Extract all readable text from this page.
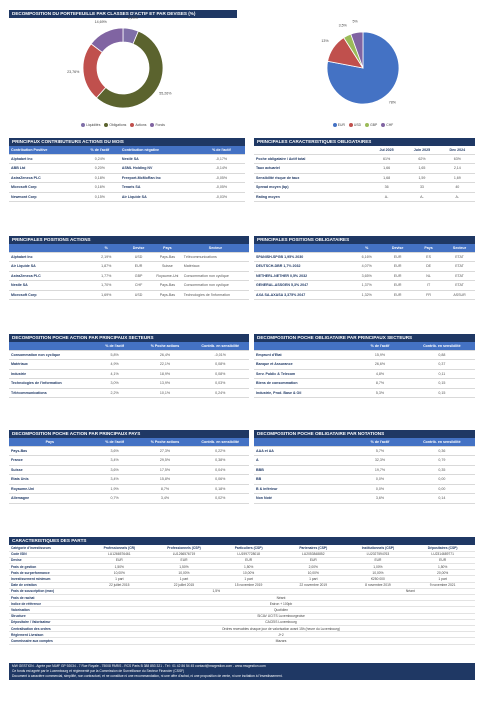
DECOMPOSITION DU PORTEFEUILLE PAR CLASSES D'ACTIF ET PAR DEVISES (%)
6,29%
55,26%
23,76%
14,69%
Liquidités	Obligations	Actions	Fonds
78%
13%
3,5%
5%
EUR	USD	GBP	CHF
PRINCIPAUX CONTRIBUTEURS ACTIONS DU MOIS
Contribution Positive	% de l'actif	Contribution négative	% de l'actif
Alphabet Inc	0,24%	Nestlé SA	-0,17%
ABB Ltd	0,20%	ASML Holding NV	-0,14%
AstraZeneca PLC	0,18%	Freeport-McMoRan Inc	-0,05%
Microsoft Corp	0,16%	Tenaris SA	-0,05%
Newmont Corp	0,15%	Air Liquide SA	-0,03%
PRINCIPALES CARACTERISTIQUES OBLIGATAIRES
	Jul 2025	Juin 2025	Dec 2024
Poche obligataire / Actif total	61%	62%	63%
Taux actuariel	1,66	1,65	2,14
Sensibilité risque de taux	1,68	1,59	1,69
Spread moyen (bp)	36	33	40
Rating moyen	A-	A-	A-
PRINCIPALES POSITIONS ACTIONS
	%	Devise	Pays	Secteur
Alphabet Inc	2,19%	USD	Pays-Bas	Télécommunications
Air Liquide SA	1,87%	EUR	Suisse	Matériaux
AstraZeneca PLC	1,77%	GBP	Royaume-Uni	Consommation non cyclique
Nestle SA	1,70%	CHF	Pays-Bas	Consommation non cyclique
Microsoft Corp	1,69%	USD	Pays-Bas	Technologies de l'information
PRINCIPALES POSITIONS OBLIGATAIRES
	%	Devise	Pays	Secteur
SPANISH-SPGB 1,95% 2030	6,16%	EUR	ES	ETAT
DEUTSCH-DBR 1,7% 2032	4,07%	EUR	DE	ETAT
NETHERL-NETHER 0,5% 2032	3,65%	EUR	NL	ETAT
GENERAL-ASSGEN 5,3% 2047	1,37%	EUR	IT	ETAT
AXA SA-AXASA 3,375% 2047	1,32%	EUR	FR	ASSUR
DECOMPOSITION POCHE ACTION PAR PRINCIPAUX SECTEURS
	% de l'actif	% Poche actions	Contrib. en sensibilité
Consommation non cyclique	5,8%	26,4%	-0,01%
Matériaux	4,9%	22,1%	0,08%
Industrie	4,1%	18,9%	0,08%
Technologies de l'information	3,0%	13,9%	0,03%
Télécommunications	2,2%	10,1%	0,24%
DECOMPOSITION POCHE OBLIGATAIRE PAR PRINCIPAUX SECTEURS
	% de l'actif	Contrib. en sensibilité
Emprunt d'Etat	15,9%	0,88
Banque et Assurance	26,6%	0,37
Serv. Public & Telecom	4,8%	0,11
Biens de consommation	8,7%	0,15
Industrie, Prod. Base & Oil	5,3%	0,15
DECOMPOSITION POCHE ACTION PAR PRINCIPAUX PAYS
Pays	% de l'actif	% Poche actions	Contrib. en sensibilité
Pays-Bas	3,6%	27,3%	0,22%
France	3,4%	29,5%	0,38%
Suisse	3,6%	17,5%	0,04%
Etats Unis	3,4%	15,8%	0,06%
Royaume-Uni	1,9%	8,7%	0,18%
Allemagne	0,7%	3,4%	0,02%
DECOMPOSITION POCHE OBLIGATAIRE PAR NOTATIONS
	% de l'actif	Contrib. en sensibilité
AAA et AA	5,7%	0,36
A	32,3%	0,79
BBB	19,7%	0,35
BB	0,0%	0,00
B & inférieur	0,0%	0,00
Non Noté	3,6%	0,14
CARACTERISTIQUES DES PARTS
Catégorie d'investisseurs	Professionnels (CR)	Professionnels (CSP)	Particuliers (CSP)	Partenaires (CSP)	Institutionnels (CSP)	Dépositaires (CSP)
Code ISIN	LU1266576461	LU1266576719	LU1997728018	LU2053848852	LU2027594763	LU2314689771
Devise	EUR	EUR	EUR	EUR	EUR	EUR
Frais de gestion	1,50%	1,50%	1,50%	2,00%	1,00%	1,50%
Frais de surperformance	10,00%	10,00%	10,00%	10,00%	10,00%	20,00%
Investissement minimum	1 part	1 part	1 part	1 part	€250 000	1 part
Date de création	22 juillet 2015	22 juillet 2015	15 novembre 2019	22 novembre 2019	8 novembre 2019	9 novembre 2021
Frais de souscription (max)	1,5%				Néant	
Frais de rachat	Néant					
Indice de référence	Estron + 100pb					
Valorisation	Quotidien					
Structure	SICAV UCITS Luxembourgeoise					
Dépositaire / Valorisateur	CACEIS Luxembourg					
Centralisation des ordres	Ordres recevables chaque jour de valorisation avant 15h (heure du Luxembourg)					
Règlement Livraison	J+2					
Commissaire aux comptes	Mazars					
MW GESTION - Agrée par l'AMF GP 92034 - 7 Rue Royale - 75008 PARIS - RCS Paris B 388 853 321 - Tél : 01 42 86 54 45 contact@mwgestion.com - www.mwgestion.com
Ce fonds est agréé par le Luxembourg et réglementé par la Commission de Surveillance du Secteur Financier (CSSF)
Document à caractère commercial, simplifié, non contractuel, et ne constitue ni une recommandation, ni une offre d'achat, ni une proposition de vente, ni une incitation à l'investissement.
